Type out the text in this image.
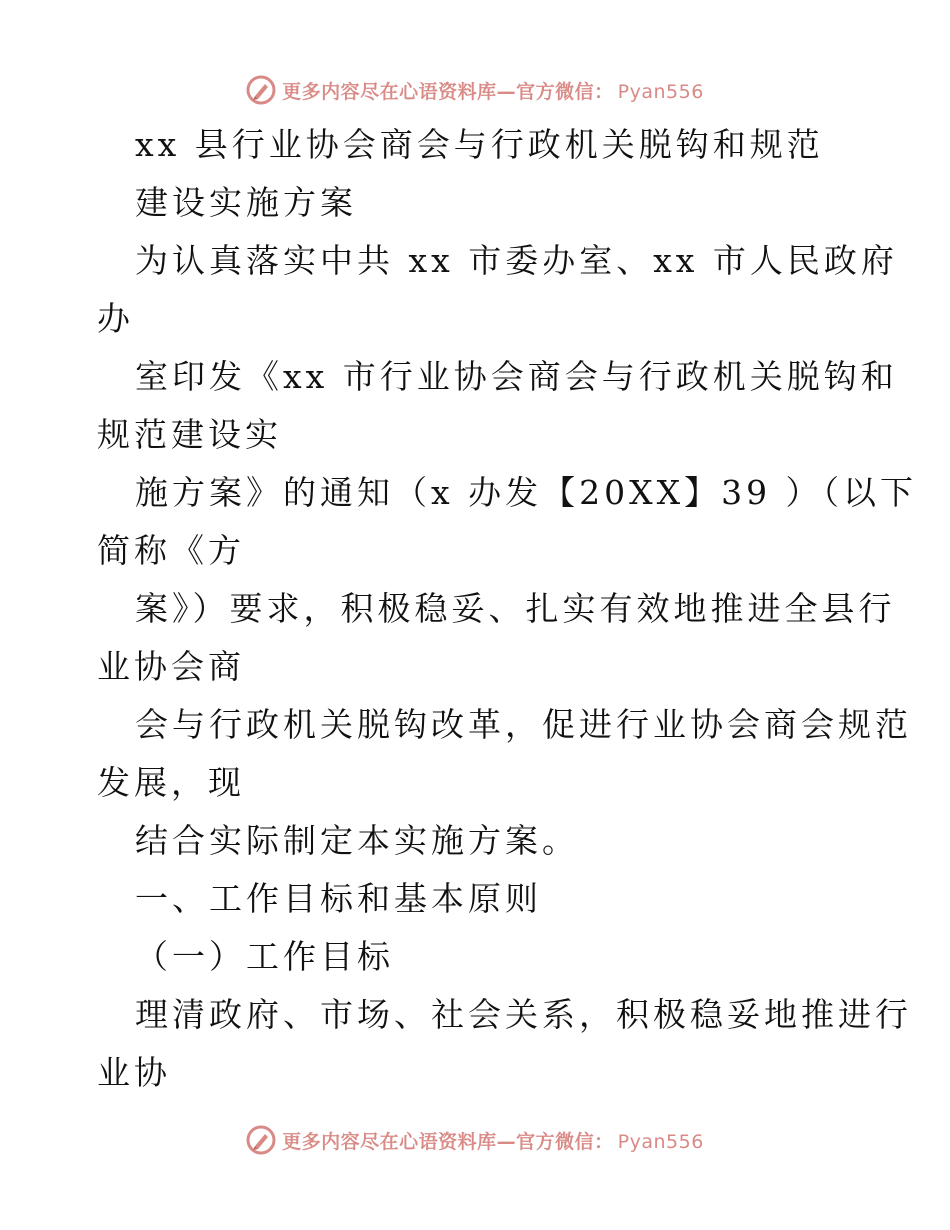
更多内容尽在心语资料库—官方微信： Pyan556
xx 县行业协会商会与行政机关脱钩和规范
建设实施方案
为认真落实中共 xx 市委办室、xx 市人民政府
办
室印发《xx 市行业协会商会与行政机关脱钩和
规范建设实
施方案》的通知（x 办发【20XX】39 ）（以下
简称《方
案》）要求，积极稳妥、扎实有效地推进全县行
业协会商
会与行政机关脱钩改革，促进行业协会商会规范
发展，现
结合实际制定本实施方案。
一、工作目标和基本原则
（一）工作目标
理清政府、市场、社会关系，积极稳妥地推进行
业协
更多内容尽在心语资料库—官方微信： Pyan556
